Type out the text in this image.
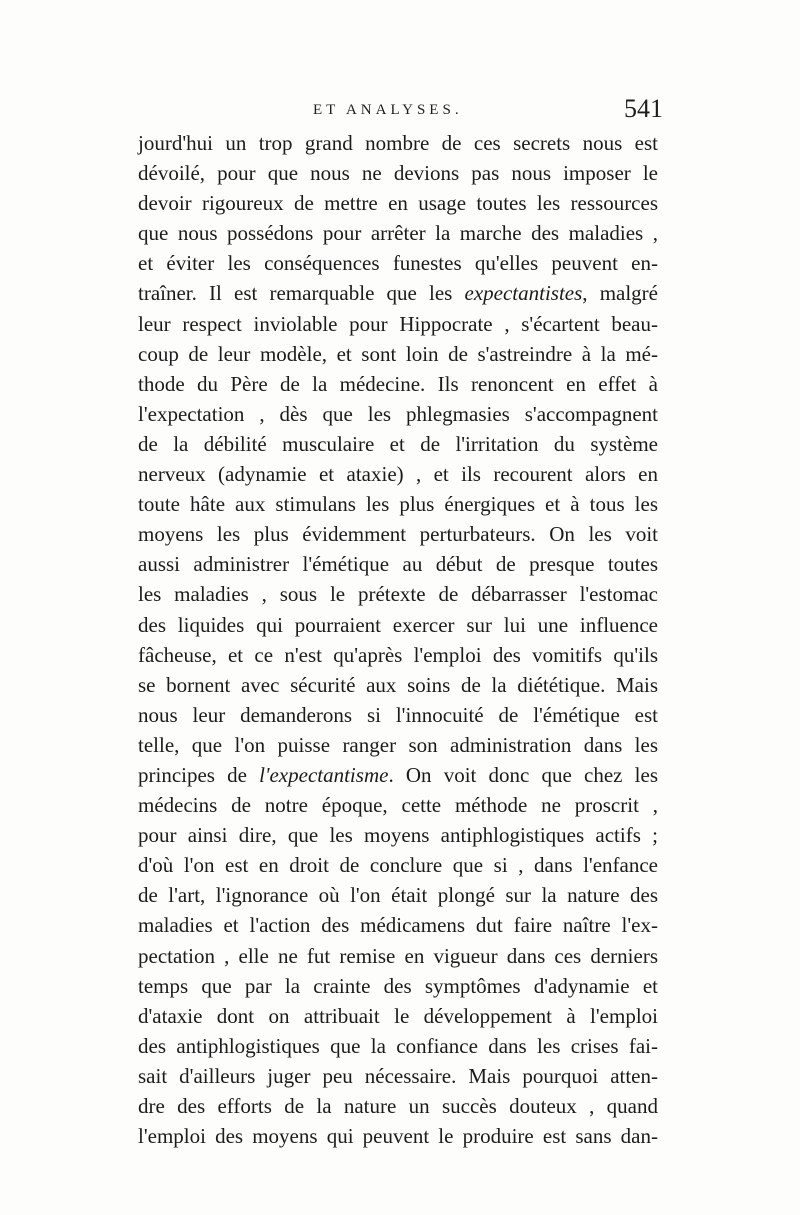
ET ANALYSES.	541
jourd'hui un trop grand nombre de ces secrets nous est
dévoilé, pour que nous ne devions pas nous imposer le
devoir rigoureux de mettre en usage toutes les ressources
que nous possédons pour arrêter la marche des maladies ,
et éviter les conséquences funestes qu'elles peuvent en-
traîner. Il est remarquable que les expectantistes, malgré
leur respect inviolable pour Hippocrate , s'écartent beau-
coup de leur modèle, et sont loin de s'astreindre à la mé-
thode du Père de la médecine. Ils renoncent en effet à
l'expectation , dès que les phlegmasies s'accompagnent
de la débilité musculaire et de l'irritation du système
nerveux (adynamie et ataxie) , et ils recourent alors en
toute hâte aux stimulans les plus énergiques et à tous les
moyens les plus évidemment perturbateurs. On les voit
aussi administrer l'émétique au début de presque toutes
les maladies , sous le prétexte de débarrasser l'estomac
des liquides qui pourraient exercer sur lui une influence
fâcheuse, et ce n'est qu'après l'emploi des vomitifs qu'ils
se bornent avec sécurité aux soins de la diététique. Mais
nous leur demanderons si l'innocuité de l'émétique est
telle, que l'on puisse ranger son administration dans les
principes de l'expectantisme. On voit donc que chez les
médecins de notre époque, cette méthode ne proscrit ,
pour ainsi dire, que les moyens antiphlogistiques actifs ;
d'où l'on est en droit de conclure que si , dans l'enfance
de l'art, l'ignorance où l'on était plongé sur la nature des
maladies et l'action des médicamens dut faire naître l'ex-
pectation , elle ne fut remise en vigueur dans ces derniers
temps que par la crainte des symptômes d'adynamie et
d'ataxie dont on attribuait le développement à l'emploi
des antiphlogistiques que la confiance dans les crises fai-
sait d'ailleurs juger peu nécessaire. Mais pourquoi atten-
dre des efforts de la nature un succès douteux , quand
l'emploi des moyens qui peuvent le produire est sans dan-
